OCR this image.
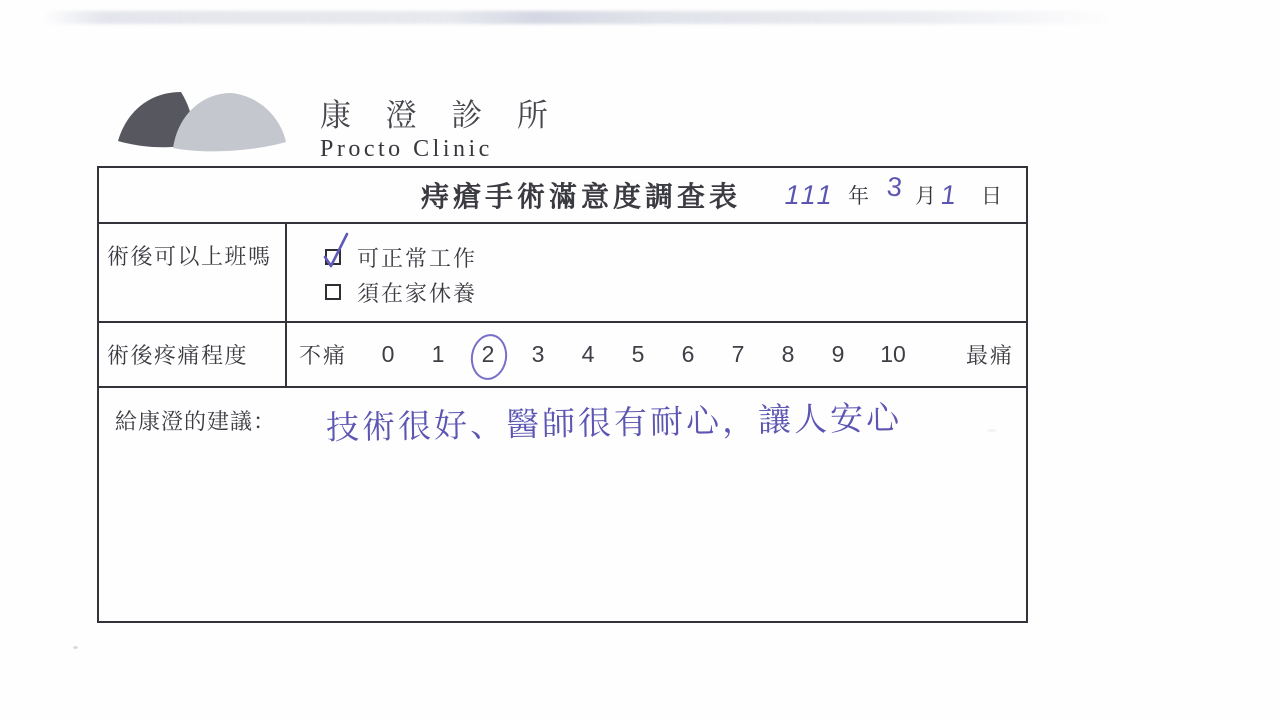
康 澄 診 所
Procto Clinic
痔瘡手術滿意度調查表 111 年 3 月 1 日
術後可以上班嗎	可正常工作
須在家休養
術後疼痛程度	不痛 0 1 2 3 4 5 6 7 8 9 10	最痛
給康澄的建議： 技術很好、醫師很有耐心，讓人安心
